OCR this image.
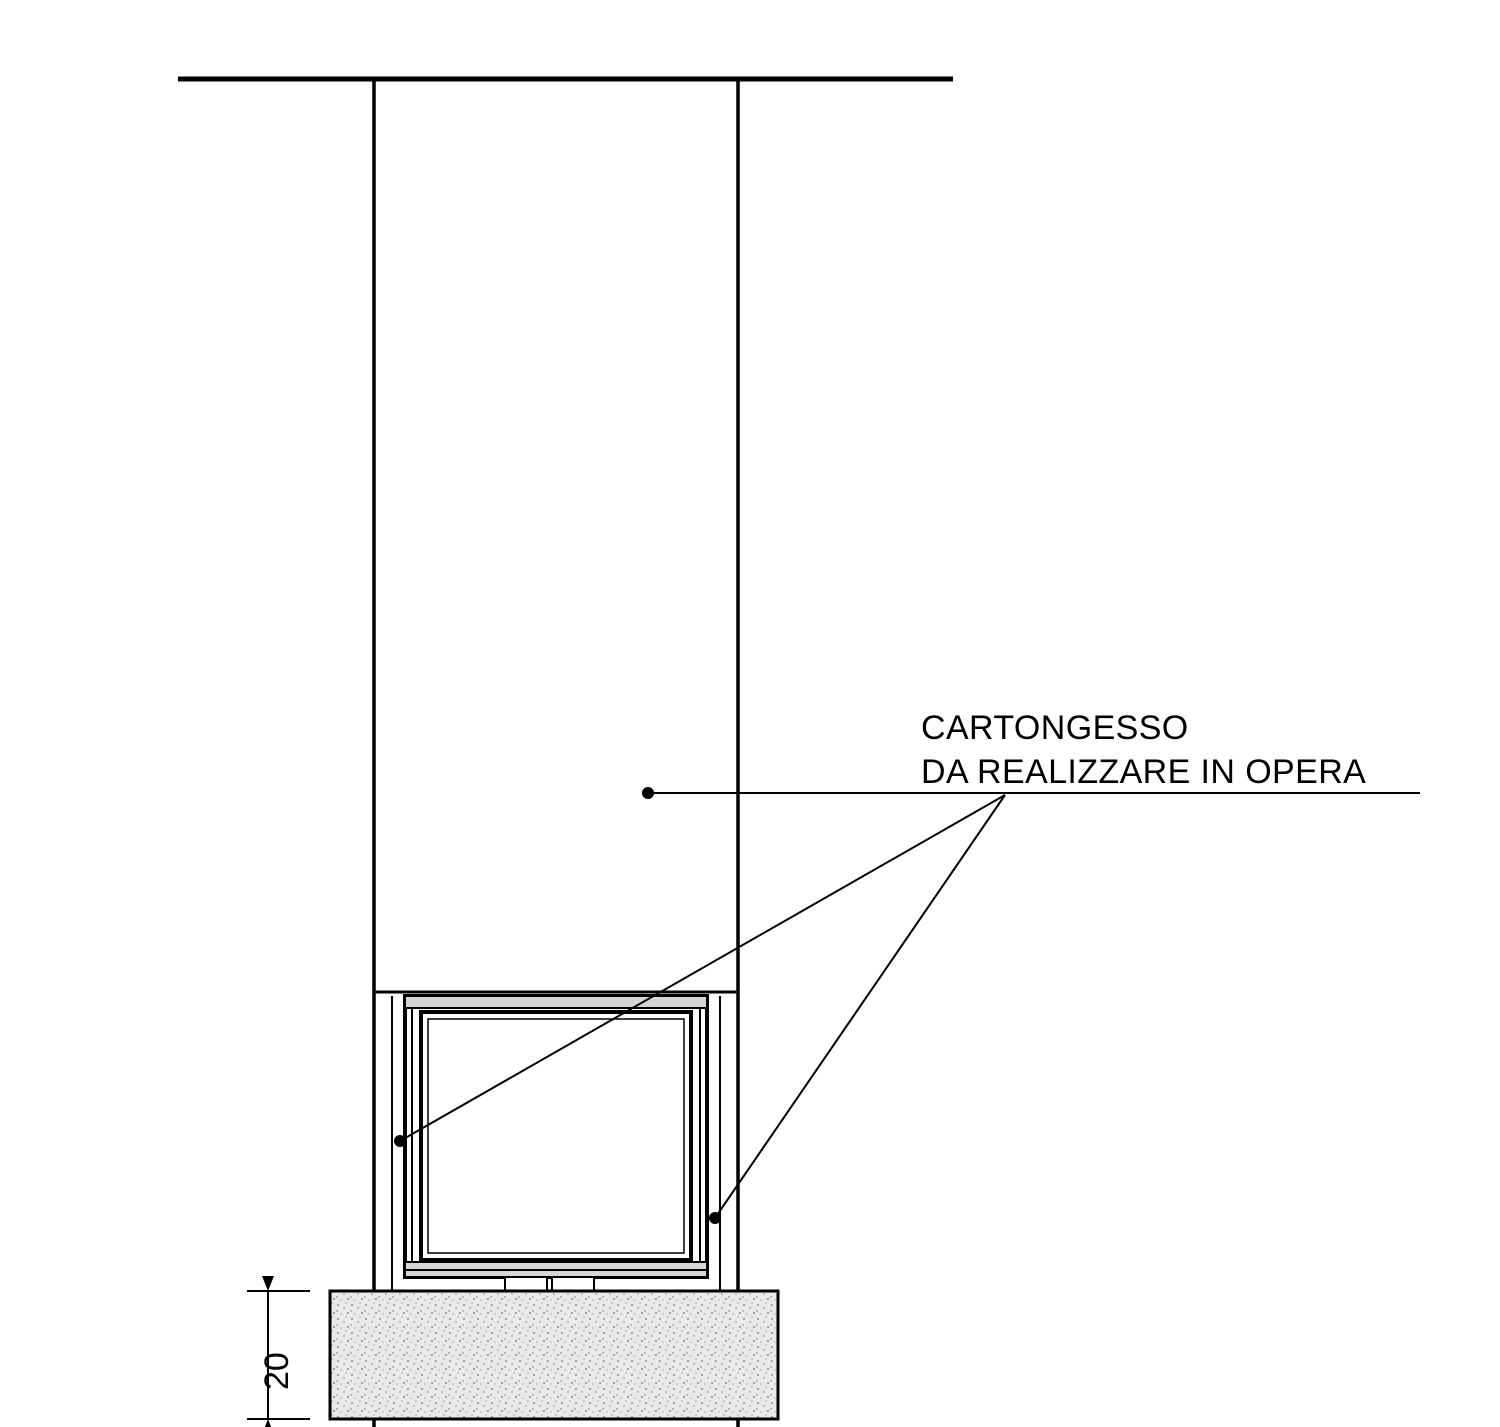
CARTONGESSO
DA REALIZZARE IN OPERA
20
